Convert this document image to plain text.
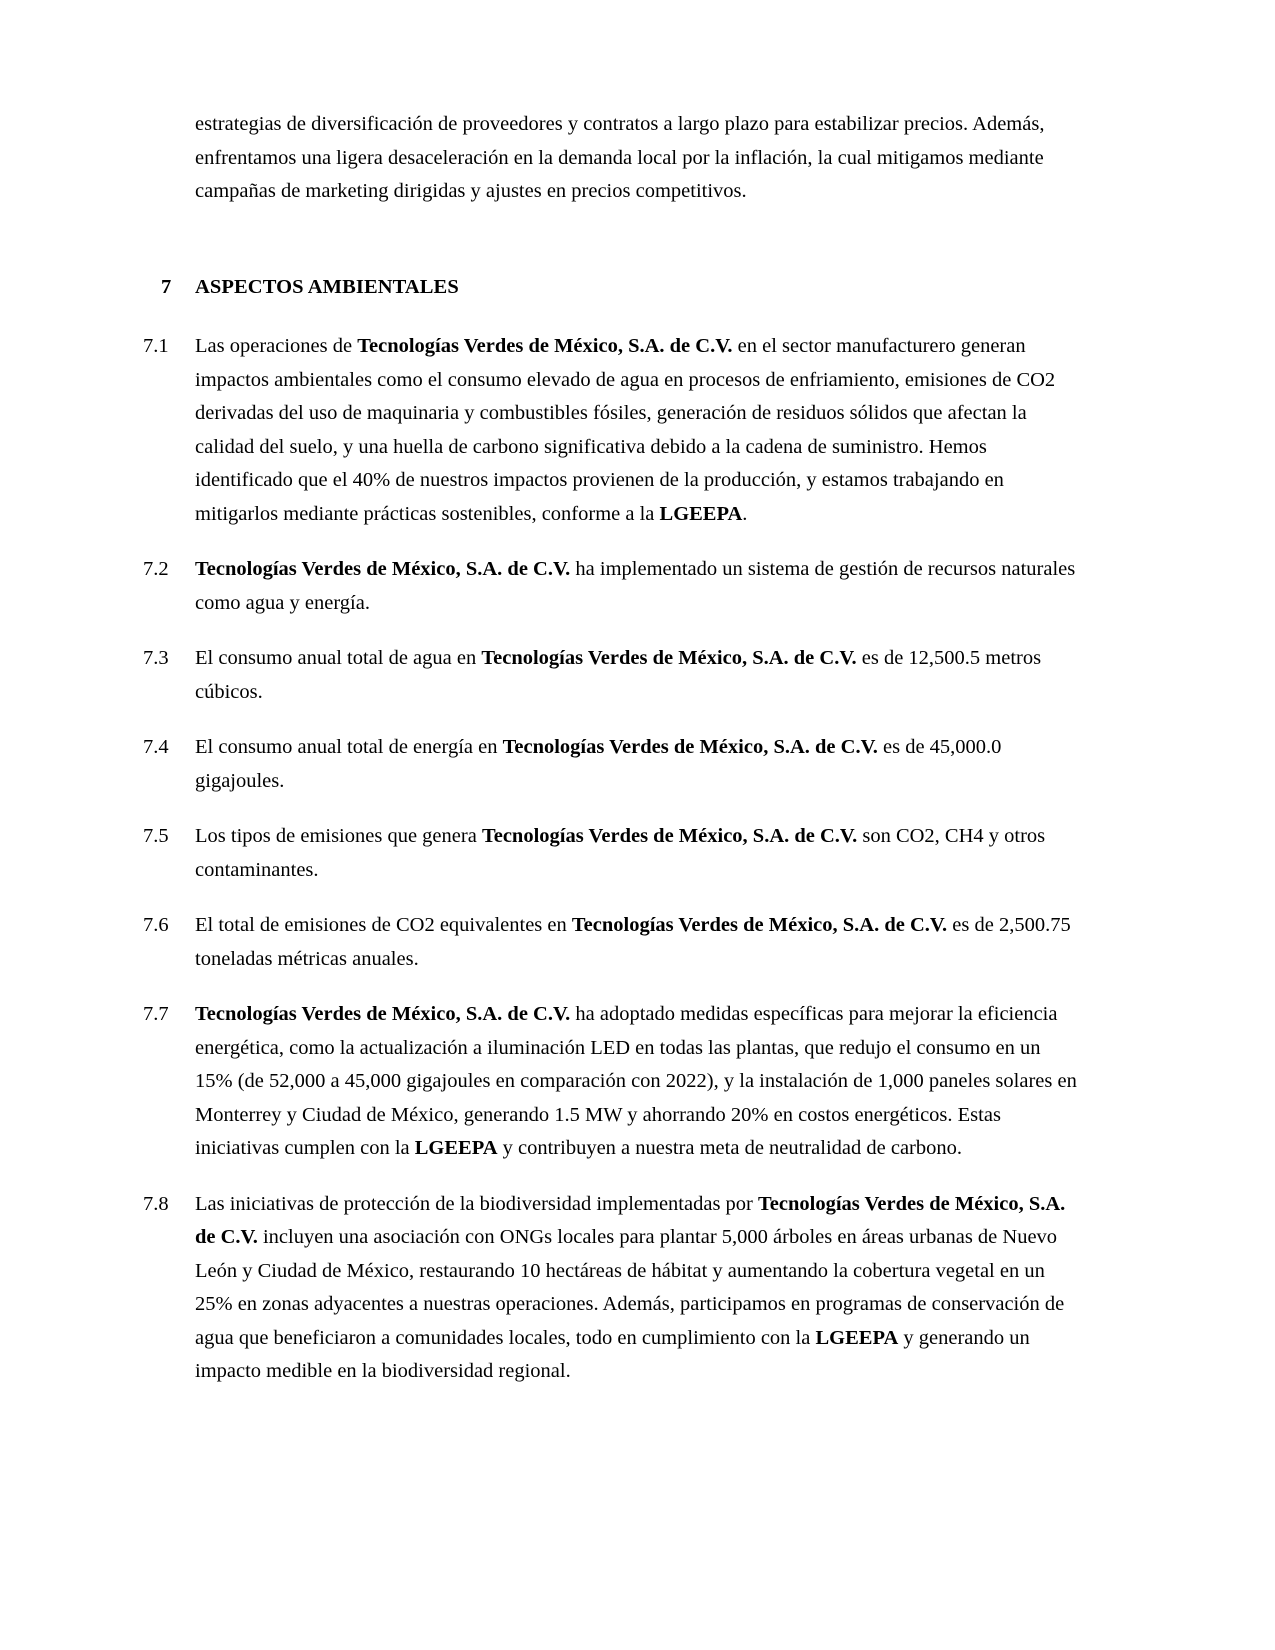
estrategias de diversificación de proveedores y contratos a largo plazo para estabilizar precios. Además, enfrentamos una ligera desaceleración en la demanda local por la inflación, la cual mitigamos mediante campañas de marketing dirigidas y ajustes en precios competitivos.

7	ASPECTOS AMBIENTALES
7.1	Las operaciones de Tecnologías Verdes de México, S.A. de C.V. en el sector manufacturero generan impactos ambientales como el consumo elevado de agua en procesos de enfriamiento, emisiones de CO2 derivadas del uso de maquinaria y combustibles fósiles, generación de residuos sólidos que afectan la calidad del suelo, y una huella de carbono significativa debido a la cadena de suministro. Hemos identificado que el 40% de nuestros impactos provienen de la producción, y estamos trabajando en mitigarlos mediante prácticas sostenibles, conforme a la LGEEPA.
7.2	Tecnologías Verdes de México, S.A. de C.V. ha implementado un sistema de gestión de recursos naturales como agua y energía.
7.3	El consumo anual total de agua en Tecnologías Verdes de México, S.A. de C.V. es de 12,500.5 metros cúbicos.
7.4	El consumo anual total de energía en Tecnologías Verdes de México, S.A. de C.V. es de 45,000.0 gigajoules.
7.5	Los tipos de emisiones que genera Tecnologías Verdes de México, S.A. de C.V. son CO2, CH4 y otros contaminantes.
7.6	El total de emisiones de CO2 equivalentes en Tecnologías Verdes de México, S.A. de C.V. es de 2,500.75 toneladas métricas anuales.
7.7	Tecnologías Verdes de México, S.A. de C.V. ha adoptado medidas específicas para mejorar la eficiencia energética, como la actualización a iluminación LED en todas las plantas, que redujo el consumo en un 15% (de 52,000 a 45,000 gigajoules en comparación con 2022), y la instalación de 1,000 paneles solares en Monterrey y Ciudad de México, generando 1.5 MW y ahorrando 20% en costos energéticos. Estas iniciativas cumplen con la LGEEPA y contribuyen a nuestra meta de neutralidad de carbono.
7.8	Las iniciativas de protección de la biodiversidad implementadas por Tecnologías Verdes de México, S.A. de C.V. incluyen una asociación con ONGs locales para plantar 5,000 árboles en áreas urbanas de Nuevo León y Ciudad de México, restaurando 10 hectáreas de hábitat y aumentando la cobertura vegetal en un 25% en zonas adyacentes a nuestras operaciones. Además, participamos en programas de conservación de agua que beneficiaron a comunidades locales, todo en cumplimiento con la LGEEPA y generando un impacto medible en la biodiversidad regional.
